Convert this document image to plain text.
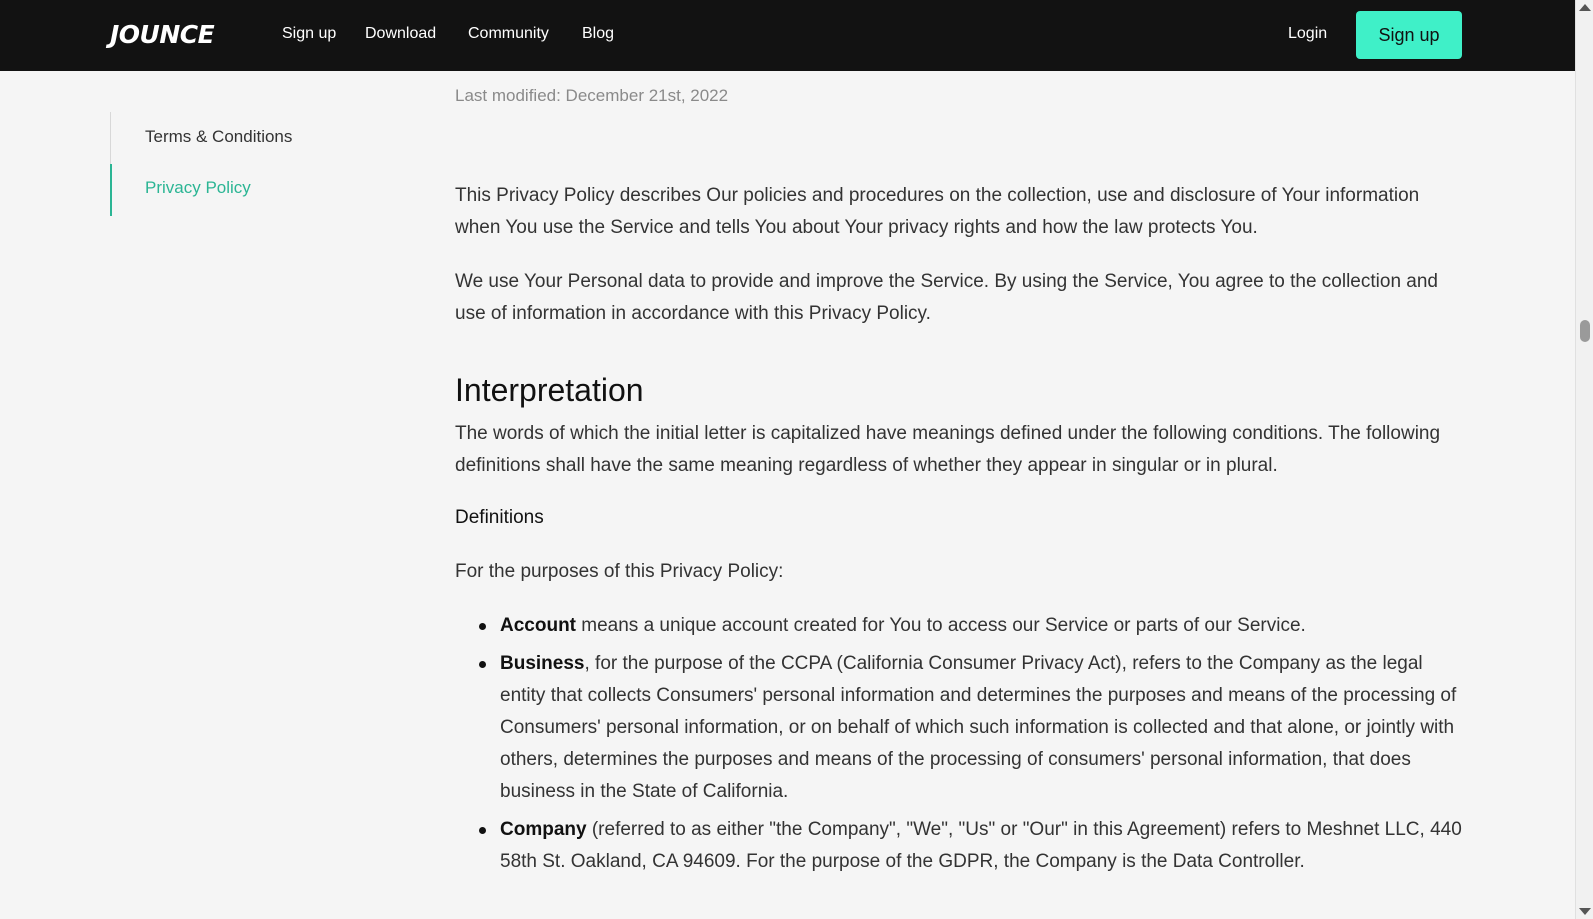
JOUNCE	Sign up Download Community Blog	Login	Sign up
Terms & Conditions
Privacy Policy
Last modified: December 21st, 2022

This Privacy Policy describes Our policies and procedures on the collection, use and disclosure of Your information when You use the Service and tells You about Your privacy rights and how the law protects You.

We use Your Personal data to provide and improve the Service. By using the Service, You agree to the collection and use of information in accordance with this Privacy Policy.

Interpretation

The words of which the initial letter is capitalized have meanings defined under the following conditions. The following definitions shall have the same meaning regardless of whether they appear in singular or in plural.

Definitions

For the purposes of this Privacy Policy:

Account means a unique account created for You to access our Service or parts of our Service.
Business, for the purpose of the CCPA (California Consumer Privacy Act), refers to the Company as the legal entity that collects Consumers' personal information and determines the purposes and means of the processing of Consumers' personal information, or on behalf of which such information is collected and that alone, or jointly with others, determines the purposes and means of the processing of consumers' personal information, that does business in the State of California.
Company (referred to as either "the Company", "We", "Us" or "Our" in this Agreement) refers to Meshnet LLC, 440 58th St. Oakland, CA 94609. For the purpose of the GDPR, the Company is the Data Controller.
